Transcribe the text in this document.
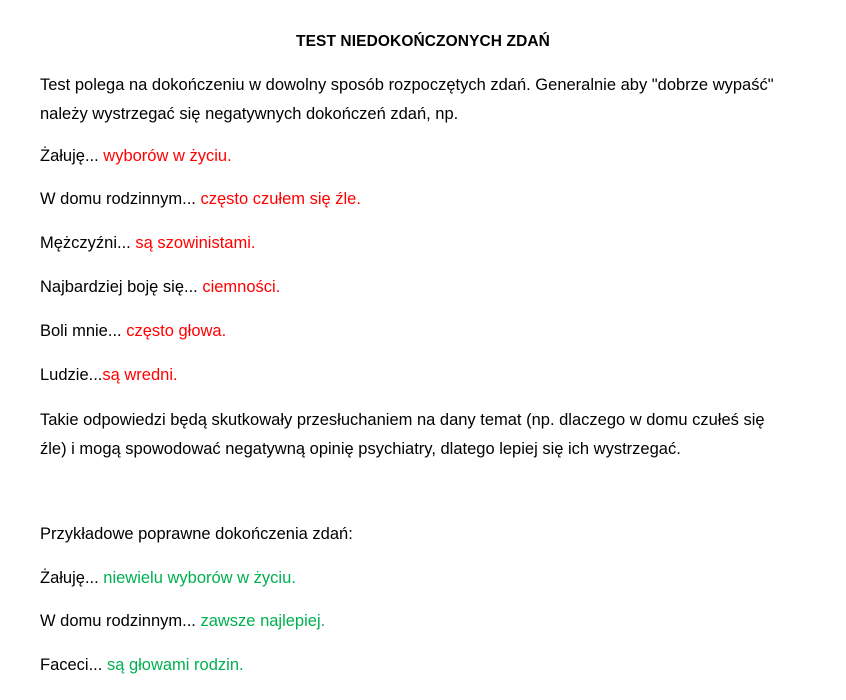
TEST NIEDOKOŃCZONYCH ZDAŃ
Test polega na dokończeniu w dowolny sposób rozpoczętych zdań. Generalnie aby "dobrze wypaść"
należy wystrzegać się negatywnych dokończeń zdań, np.
Żałuję... wyborów w życiu.
W domu rodzinnym... często czułem się źle.
Mężczyźni... są szowinistami.
Najbardziej boję się... ciemności.
Boli mnie... często głowa.
Ludzie...są wredni.
Takie odpowiedzi będą skutkowały przesłuchaniem na dany temat (np. dlaczego w domu czułeś się
źle) i mogą spowodować negatywną opinię psychiatry, dlatego lepiej się ich wystrzegać.
Przykładowe poprawne dokończenia zdań:
Żałuję... niewielu wyborów w życiu.
W domu rodzinnym... zawsze najlepiej.
Faceci... są głowami rodzin.
